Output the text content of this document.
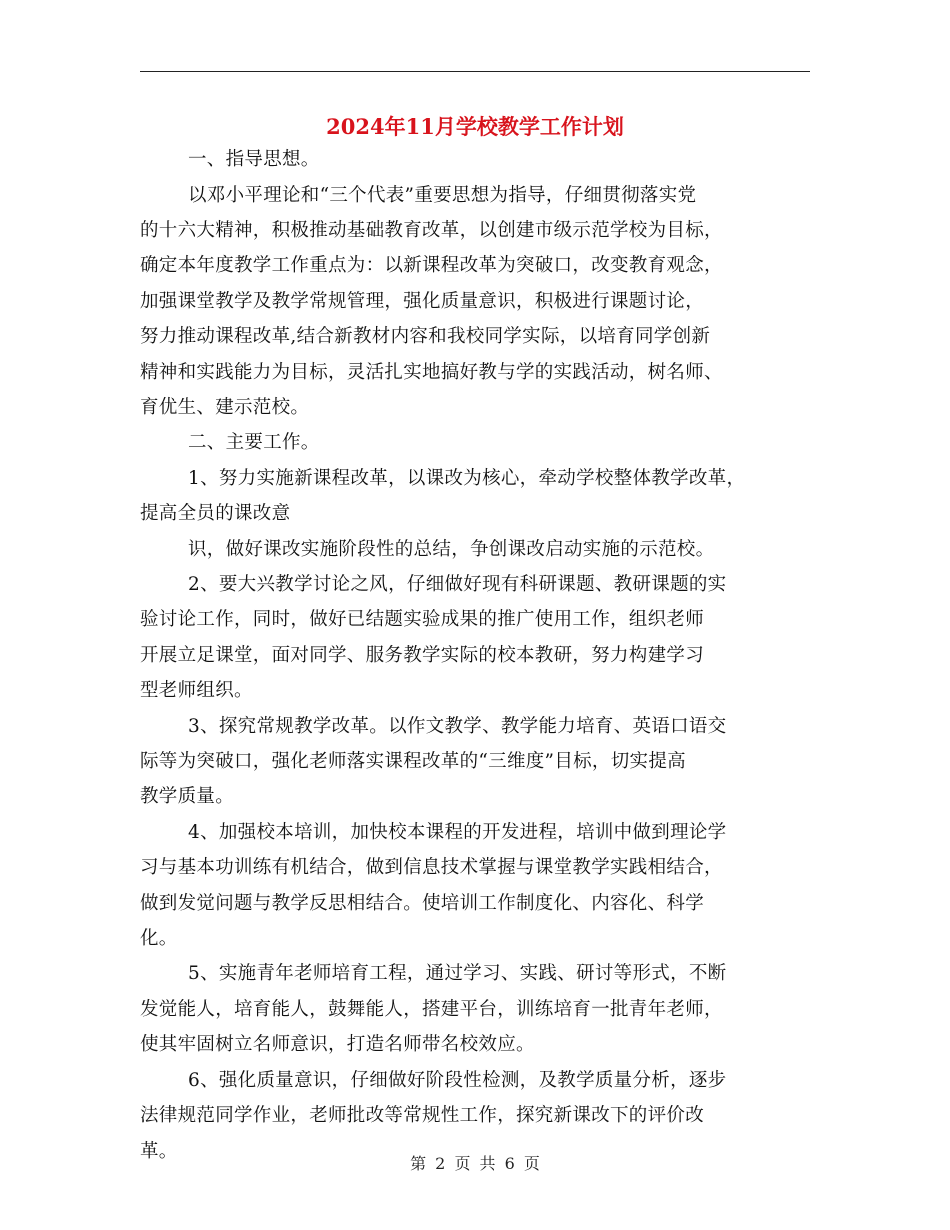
2024年11月学校教学工作计划
一、指导思想。
以邓小平理论和“三个代表”重要思想为指导，仔细贯彻落实党
的十六大精神，积极推动基础教育改革，以创建市级示范学校为目标，
确定本年度教学工作重点为：以新课程改革为突破口，改变教育观念，
加强课堂教学及教学常规管理，强化质量意识，积极进行课题讨论，
努力推动课程改革,结合新教材内容和我校同学实际，以培育同学创新
精神和实践能力为目标，灵活扎实地搞好教与学的实践活动，树名师、
育优生、建示范校。
二、主要工作。
1、努力实施新课程改革，以课改为核心，牵动学校整体教学改革，
提高全员的课改意
识，做好课改实施阶段性的总结，争创课改启动实施的示范校。
2、要大兴教学讨论之风，仔细做好现有科研课题、教研课题的实
验讨论工作，同时，做好已结题实验成果的推广使用工作，组织老师
开展立足课堂，面对同学、服务教学实际的校本教研，努力构建学习
型老师组织。
3、探究常规教学改革。以作文教学、教学能力培育、英语口语交
际等为突破口，强化老师落实课程改革的“三维度”目标，切实提高
教学质量。
4、加强校本培训，加快校本课程的开发进程，培训中做到理论学
习与基本功训练有机结合，做到信息技术掌握与课堂教学实践相结合，
做到发觉问题与教学反思相结合。使培训工作制度化、内容化、科学
化。
5、实施青年老师培育工程，通过学习、实践、研讨等形式，不断
发觉能人，培育能人，鼓舞能人，搭建平台，训练培育一批青年老师，
使其牢固树立名师意识，打造名师带名校效应。
6、强化质量意识，仔细做好阶段性检测，及教学质量分析，逐步
法律规范同学作业，老师批改等常规性工作，探究新课改下的评价改
革。
第 2 页 共 6 页
